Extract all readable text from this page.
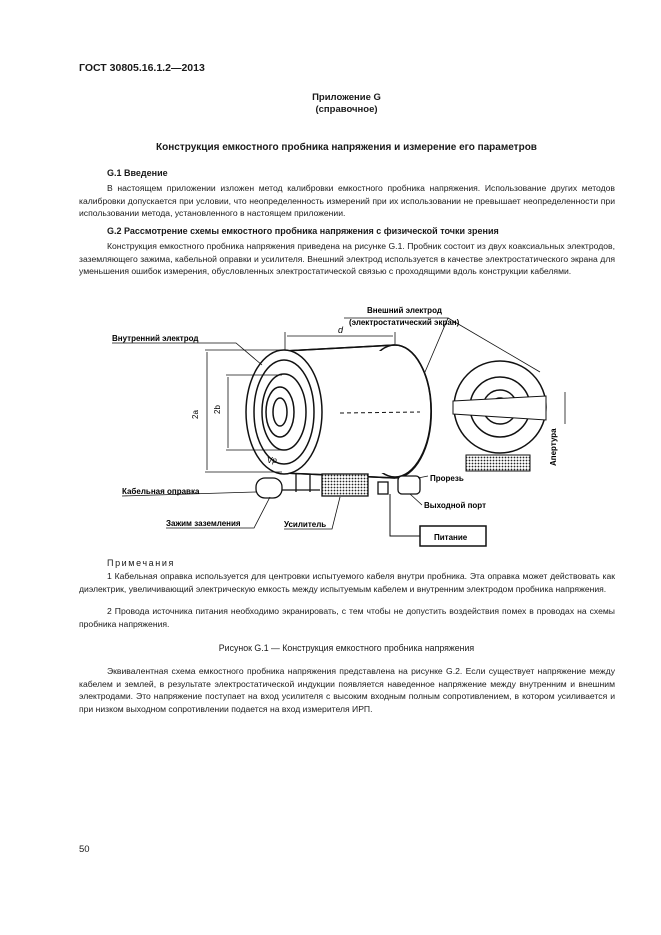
ГОСТ 30805.16.1.2—2013
Приложение G
(справочное)
Конструкция емкостного пробника напряжения и измерение его параметров
G.1 Введение

В настоящем приложении изложен метод калибровки емкостного пробника напряжения. Использование других методов калибровки допускается при условии, что неопределенность измерений при их использовании не превышает неопределенности при использовании метода, установленного в настоящем приложении.

G.2 Рассмотрение схемы емкостного пробника напряжения с физической точки зрения

Конструкция емкостного пробника напряжения приведена на рисунке G.1. Пробник состоит из двух коаксиальных электродов, заземляющего зажима, кабельной оправки и усилителя. Внешний электрод используется в качестве электростатического экрана для уменьшения ошибок измерения, обусловленных электростатической связью с проходящими вдоль конструкции кабелями.

2a
2b
d
Vp
Питание
Апертура
Внешний электрод
(электростатический экран)
Внутренний электрод
Кабельная оправка
Зажим заземления	Усилитель
Прорезь
Выходной порт
Примечания

1 Кабельная оправка используется для центровки испытуемого кабеля внутри пробника. Эта оправка может действовать как диэлектрик, увеличивающий электрическую емкость между испытуемым кабелем и внутренним электродом пробника напряжения.

2 Провода источника питания необходимо экранировать, с тем чтобы не допустить воздействия помех в проводах на схемы пробника напряжения.

Рисунок G.1 — Конструкция емкостного пробника напряжения

Эквивалентная схема емкостного пробника напряжения представлена на рисунке G.2. Если существует напряжение между кабелем и землей, в результате электростатической индукции появляется наведенное напряжение между внутренним и внешним электродами. Это напряжение поступает на вход усилителя с высоким входным полным сопротивлением, в котором усиливается и при низком выходном сопротивлении подается на вход измерителя ИРП.

50
